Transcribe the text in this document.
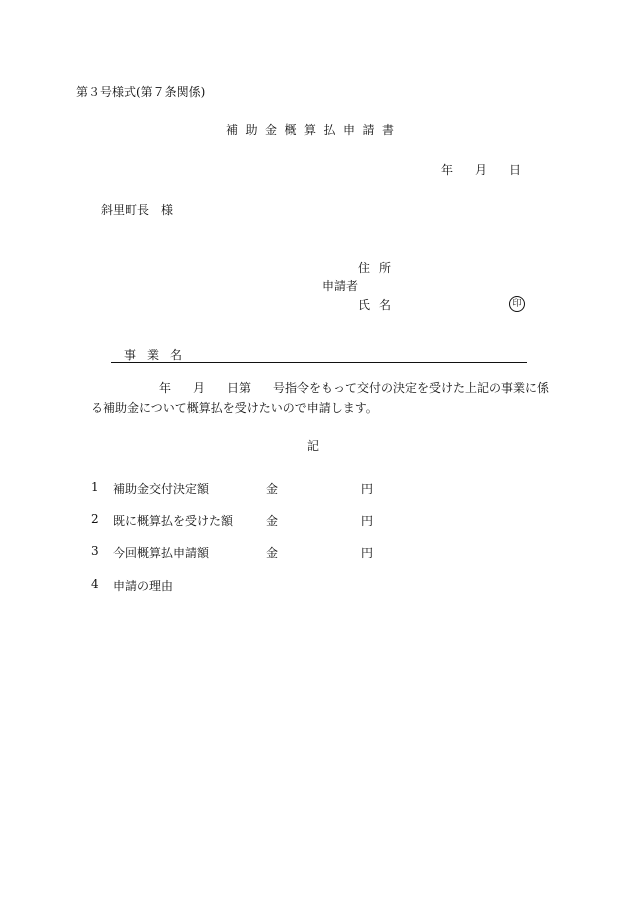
第３号様式(第７条関係)
補助金概算払申請書
年 月 日
斜里町長　様
住所
申請者
氏名	印
事業名
年 月 日第 号指令をもって交付の決定を受けた上記の事業に係
る補助金について概算払を受けたいので申請します。
記
1 補助金交付決定額	金	円
2 既に概算払を受けた額	金	円
3 今回概算払申請額	金	円
4 申請の理由
